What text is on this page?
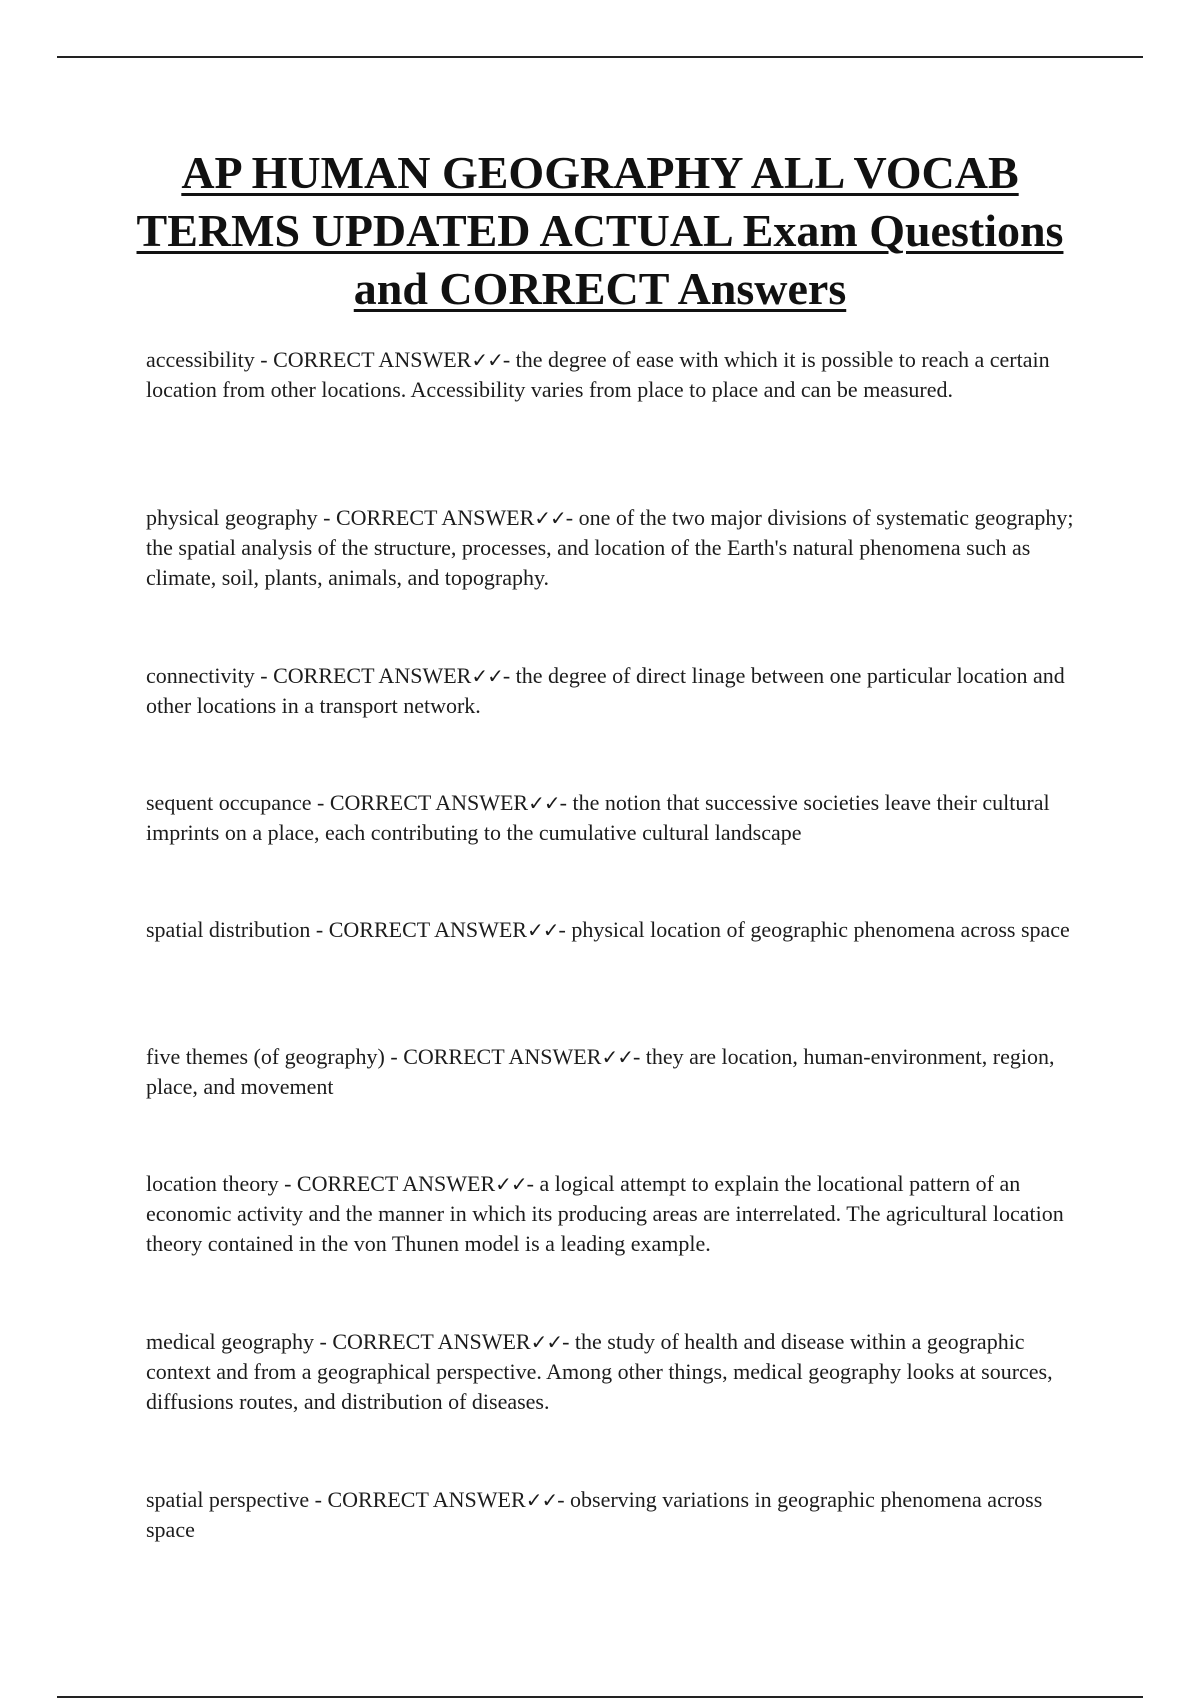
AP HUMAN GEOGRAPHY ALL VOCAB TERMS UPDATED ACTUAL Exam Questions and CORRECT Answers
accessibility - CORRECT ANSWER✓✓- the degree of ease with which it is possible to reach a certain location from other locations. Accessibility varies from place to place and can be measured.
physical geography - CORRECT ANSWER✓✓- one of the two major divisions of systematic geography; the spatial analysis of the structure, processes, and location of the Earth's natural phenomena such as climate, soil, plants, animals, and topography.
connectivity - CORRECT ANSWER✓✓- the degree of direct linage between one particular location and other locations in a transport network.
sequent occupance - CORRECT ANSWER✓✓- the notion that successive societies leave their cultural imprints on a place, each contributing to the cumulative cultural landscape
spatial distribution - CORRECT ANSWER✓✓- physical location of geographic phenomena across space
five themes (of geography) - CORRECT ANSWER✓✓- they are location, human-environment, region, place, and movement
location theory - CORRECT ANSWER✓✓- a logical attempt to explain the locational pattern of an economic activity and the manner in which its producing areas are interrelated. The agricultural location theory contained in the von Thunen model is a leading example.
medical geography - CORRECT ANSWER✓✓- the study of health and disease within a geographic context and from a geographical perspective. Among other things, medical geography looks at sources, diffusions routes, and distribution of diseases.
spatial perspective - CORRECT ANSWER✓✓- observing variations in geographic phenomena across space
